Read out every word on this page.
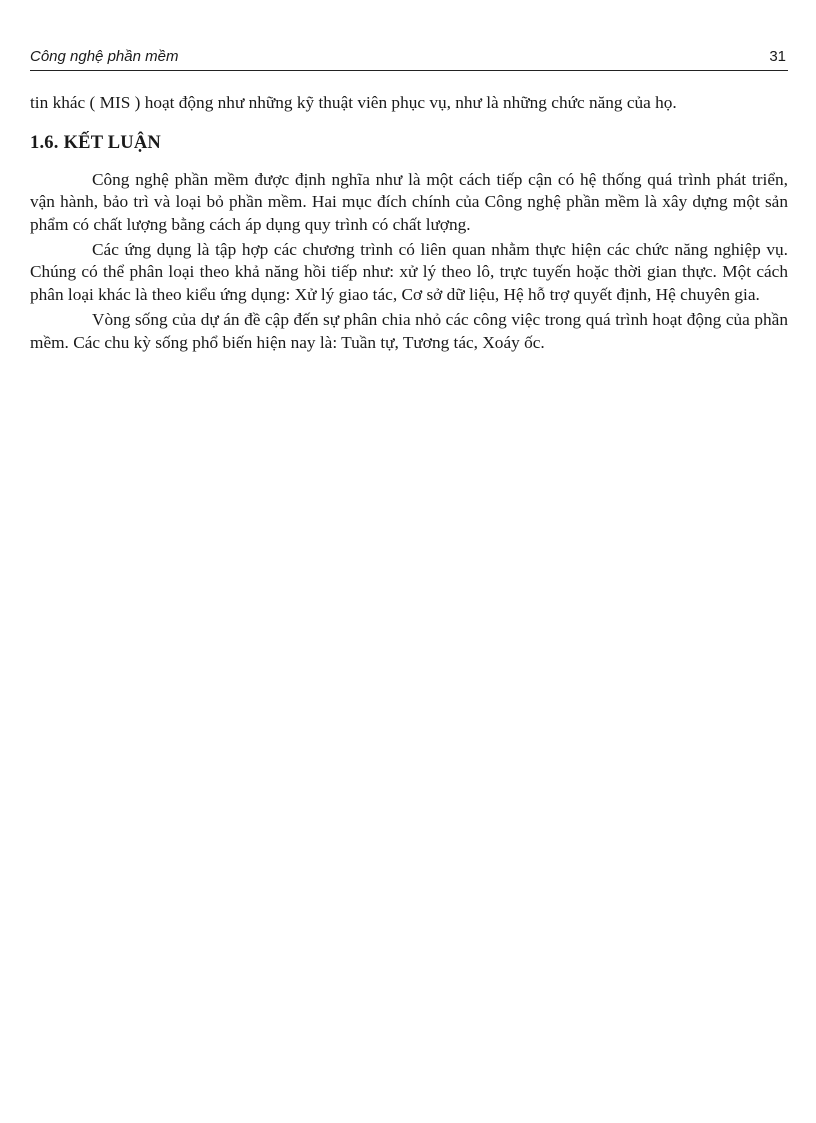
Công nghệ phần mềm	31

tin khác ( MIS ) hoạt động như những kỹ thuật viên phục vụ, như là những chức năng của họ.

1.6. KẾT LUẬN

Công nghệ phần mềm được định nghĩa như là một cách tiếp cận có hệ thống quá trình phát triển, vận hành, bảo trì và loại bỏ phần mềm. Hai mục đích chính của Công nghệ phần mềm là xây dựng một sản phẩm có chất lượng bằng cách áp dụng quy trình có chất lượng.

Các ứng dụng là tập hợp các chương trình có liên quan nhằm thực hiện các chức năng nghiệp vụ. Chúng có thể phân loại theo khả năng hồi tiếp như: xử lý theo lô, trực tuyến hoặc thời gian thực. Một cách phân loại khác là theo kiểu ứng dụng: Xử lý giao tác, Cơ sở dữ liệu, Hệ hỗ trợ quyết định, Hệ chuyên gia.

Vòng sống của dự án đề cập đến sự phân chia nhỏ các công việc trong quá trình hoạt động của phần mềm. Các chu kỳ sống phổ biến hiện nay là: Tuần tự, Tương tác, Xoáy ốc.
